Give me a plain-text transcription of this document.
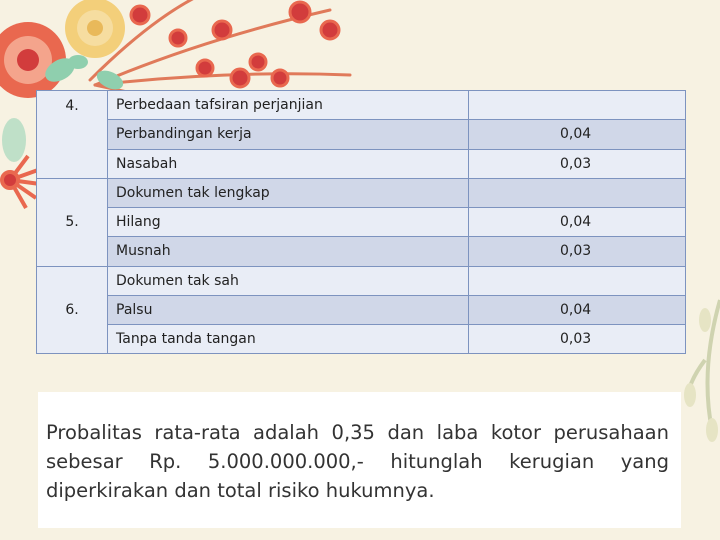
4.	Perbedaan tafsiran perjanjian	
	Perbandingan kerja	0,04
	Nasabah	0,03
5.	Dokumen tak lengkap	
	Hilang	0,04
	Musnah	0,03
6.	Dokumen tak sah	
	Palsu	0,04
	Tanpa tanda tangan	0,03

Probalitas rata-rata adalah 0,35 dan laba kotor perusahaan sebesar Rp. 5.000.000.000,- hitunglah kerugian yang diperkirakan dan total risiko hukumnya.
